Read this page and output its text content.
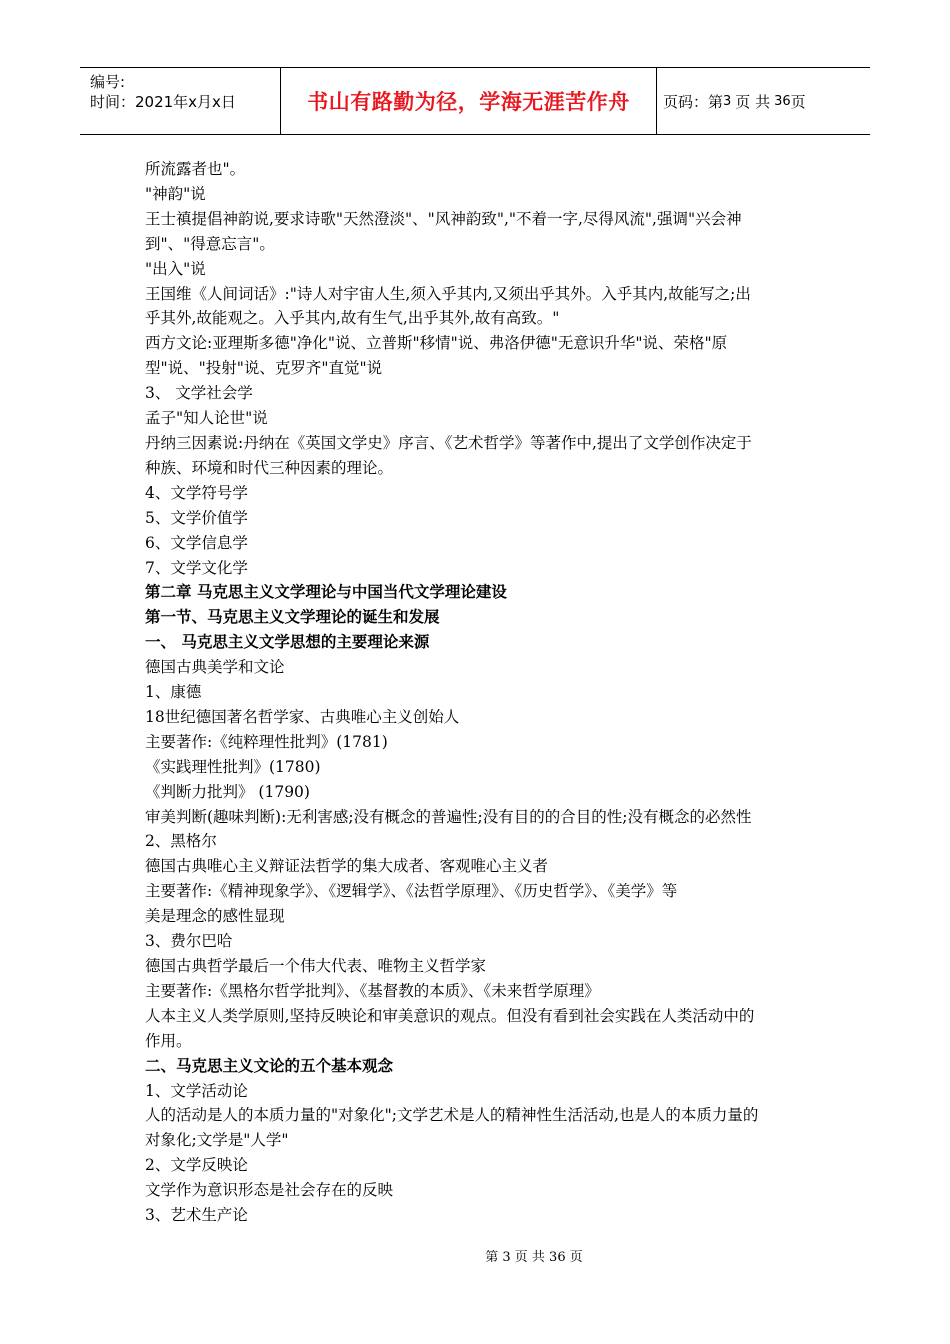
编号:
时间：2021年x月x日	书山有路勤为径，学海无涯苦作舟	页码：第 3 页 共 36 页

所流露者也"。

"神韵"说

王士禛提倡神韵说,要求诗歌"天然澄淡"、"风神韵致","不着一字,尽得风流",强调"兴会神

到"、"得意忘言"。

"出入"说

王国维《人间词话》:"诗人对宇宙人生,须入乎其内,又须出乎其外。入乎其内,故能写之;出

乎其外,故能观之。入乎其内,故有生气,出乎其外,故有高致。"

西方文论:亚理斯多德"净化"说、立普斯"移情"说、弗洛伊德"无意识升华"说、荣格"原

型"说、"投射"说、克罗齐"直觉"说

3、 文学社会学

孟子"知人论世"说

丹纳三因素说:丹纳在《英国文学史》序言、《艺术哲学》等著作中,提出了文学创作决定于

种族、环境和时代三种因素的理论。

4、文学符号学

5、文学价值学

6、文学信息学

7、文学文化学

第二章 马克思主义文学理论与中国当代文学理论建设

第一节、马克思主义文学理论的诞生和发展

一、 马克思主义文学思想的主要理论来源

德国古典美学和文论

1、康德

18世纪德国著名哲学家、古典唯心主义创始人

主要著作:《纯粹理性批判》(1781)

《实践理性批判》(1780)

《判断力批判》 (1790)

审美判断(趣味判断):无利害感;没有概念的普遍性;没有目的的合目的性;没有概念的必然性

2、黑格尔

德国古典唯心主义辩证法哲学的集大成者、客观唯心主义者

主要著作:《精神现象学》、《逻辑学》、《法哲学原理》、《历史哲学》、《美学》等

美是理念的感性显现

3、费尔巴哈

德国古典哲学最后一个伟大代表、唯物主义哲学家

主要著作:《黑格尔哲学批判》、《基督教的本质》、《未来哲学原理》

人本主义人类学原则,坚持反映论和审美意识的观点。但没有看到社会实践在人类活动中的

作用。

二、马克思主义文论的五个基本观念

1、文学活动论

人的活动是人的本质力量的"对象化";文学艺术是人的精神性生活活动,也是人的本质力量的

对象化;文学是"人学"

2、文学反映论

文学作为意识形态是社会存在的反映

3、艺术生产论

第 3 页 共 36 页
